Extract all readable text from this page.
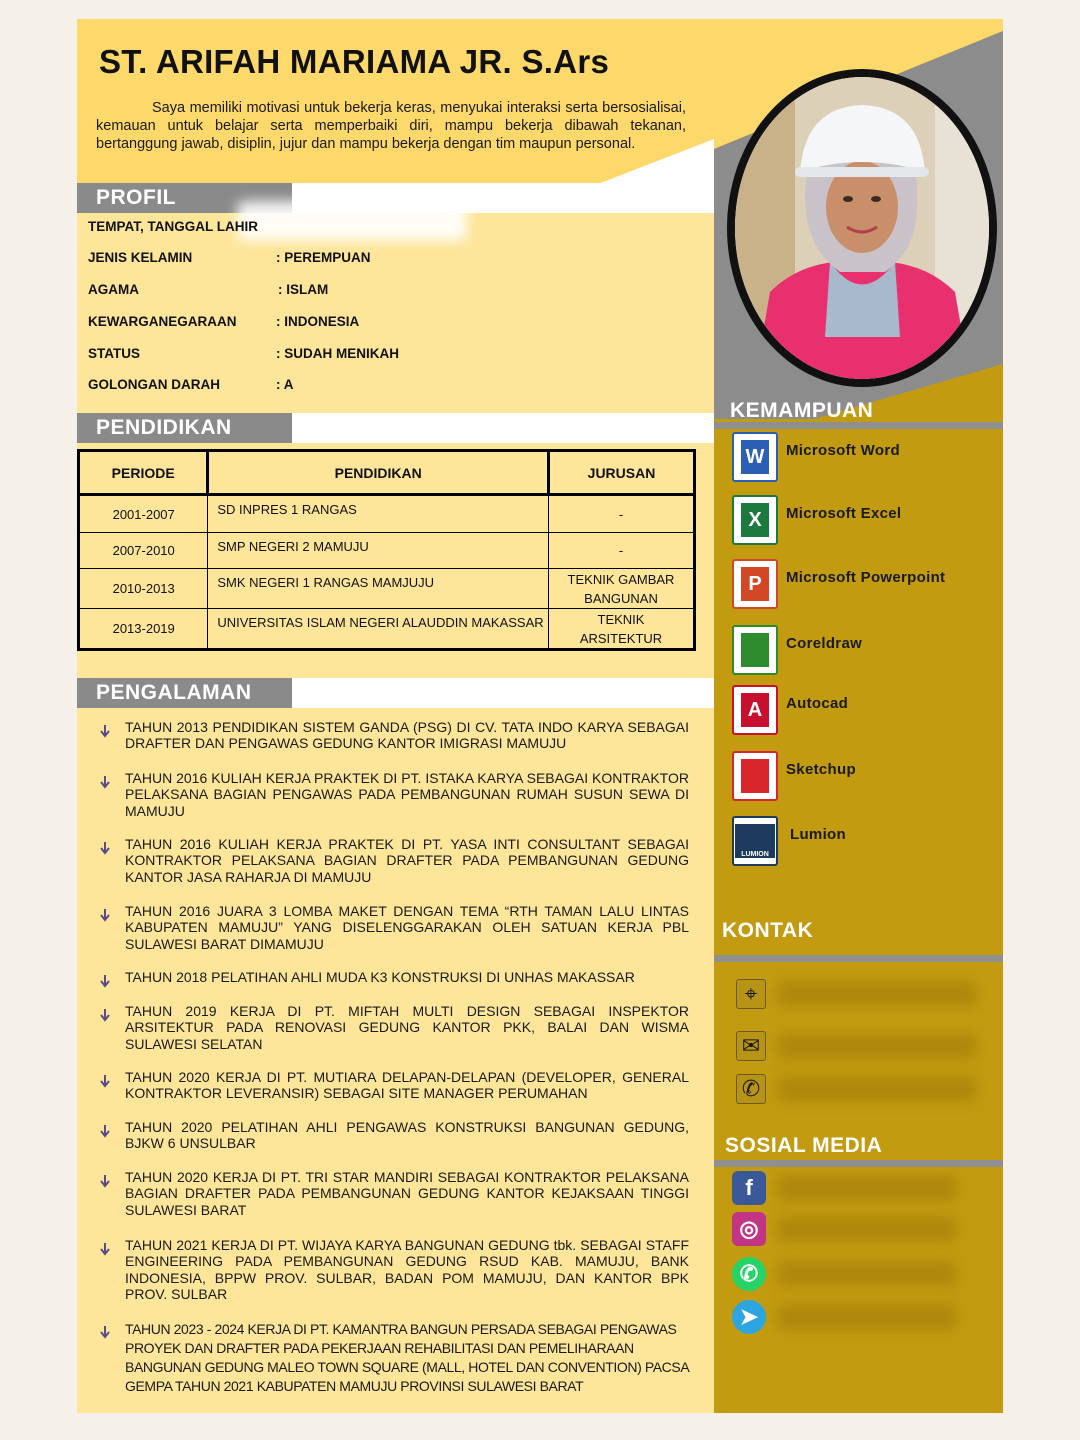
ST. ARIFAH MARIAMA JR. S.Ars

Saya memiliki motivasi untuk bekerja keras, menyukai interaksi serta bersosialisai, kemauan untuk belajar serta memperbaiki diri, mampu bekerja dibawah tekanan, bertanggung jawab, disiplin, jujur dan mampu bekerja dengan tim maupun personal.

PROFIL
PENDIDIKAN
PERIODE	PENDIDIKAN	JURUSAN
2001-2007	SD INPRES 1 RANGAS	-
2007-2010	SMP NEGERI 2 MAMUJU	-
2010-2013	SMK NEGERI 1 RANGAS MAMJUJU	TEKNIK GAMBAR BANGUNAN
2013-2019	UNIVERSITAS ISLAM NEGERI ALAUDDIN MAKASSAR	TEKNIK ARSITEKTUR
PENGALAMAN
TAHUN 2013 PENDIDIKAN SISTEM GANDA (PSG) DI CV. TATA INDO KARYA SEBAGAI DRAFTER DAN PENGAWAS GEDUNG KANTOR IMIGRASI MAMUJU
TAHUN 2016 KULIAH KERJA PRAKTEK DI PT. ISTAKA KARYA SEBAGAI KONTRAKTOR PELAKSANA BAGIAN PENGAWAS PADA PEMBANGUNAN RUMAH SUSUN SEWA DI MAMUJU
TAHUN 2016 KULIAH KERJA PRAKTEK DI PT. YASA INTI CONSULTANT SEBAGAI KONTRAKTOR PELAKSANA BAGIAN DRAFTER PADA PEMBANGUNAN GEDUNG KANTOR JASA RAHARJA DI MAMUJU
TAHUN 2016 JUARA 3 LOMBA MAKET DENGAN TEMA “RTH TAMAN LALU LINTAS KABUPATEN MAMUJU” YANG DISELENGGARAKAN OLEH SATUAN KERJA PBL SULAWESI BARAT DIMAMUJU
TAHUN 2018 PELATIHAN AHLI MUDA K3 KONSTRUKSI DI UNHAS MAKASSAR
TAHUN 2019 KERJA DI PT. MIFTAH MULTI DESIGN SEBAGAI INSPEKTOR ARSITEKTUR PADA RENOVASI GEDUNG KANTOR PKK, BALAI DAN WISMA SULAWESI SELATAN
TAHUN 2020 KERJA DI PT. MUTIARA DELAPAN-DELAPAN (DEVELOPER, GENERAL KONTRAKTOR LEVERANSIR) SEBAGAI SITE MANAGER PERUMAHAN
TAHUN 2020 PELATIHAN AHLI PENGAWAS KONSTRUKSI BANGUNAN GEDUNG, BJKW 6 UNSULBAR
TAHUN 2020 KERJA DI PT. TRI STAR MANDIRI SEBAGAI KONTRAKTOR PELAKSANA BAGIAN DRAFTER PADA PEMBANGUNAN GEDUNG KANTOR KEJAKSAAN TINGGI SULAWESI BARAT
TAHUN 2021 KERJA DI PT. WIJAYA KARYA BANGUNAN GEDUNG tbk. SEBAGAI STAFF ENGINEERING PADA PEMBANGUNAN GEDUNG RSUD KAB. MAMUJU, BANK INDONESIA, BPPW PROV. SULBAR, BADAN POM MAMUJU, DAN KANTOR BPK PROV. SULBAR
TAHUN 2023 - 2024 KERJA DI PT. KAMANTRA BANGUN PERSADA SEBAGAI PENGAWAS PROYEK DAN DRAFTER PADA PEKERJAAN REHABILITASI DAN PEMELIHARAAN BANGUNAN GEDUNG MALEO TOWN SQUARE (MALL, HOTEL DAN CONVENTION) PACSA GEMPA TAHUN 2021 KABUPATEN MAMUJU PROVINSI SULAWESI BARAT
KEMAMPUAN
KONTAK
SOSIAL MEDIA
TEMPAT, TANGGAL LAHIR
JENIS KELAMIN	: PEREMPUAN
AGAMA	: ISLAM
KEWARGANEGARAAN	: INDONESIA
STATUS	: SUDAH MENIKAH
GOLONGAN DARAH	: A
W	Microsoft Word
X	Microsoft Excel
P	Microsoft Powerpoint
Coreldraw
A	Autocad
Sketchup
LUMION
Lumion
⌖
✉
✆
f
◎
✆
➤
